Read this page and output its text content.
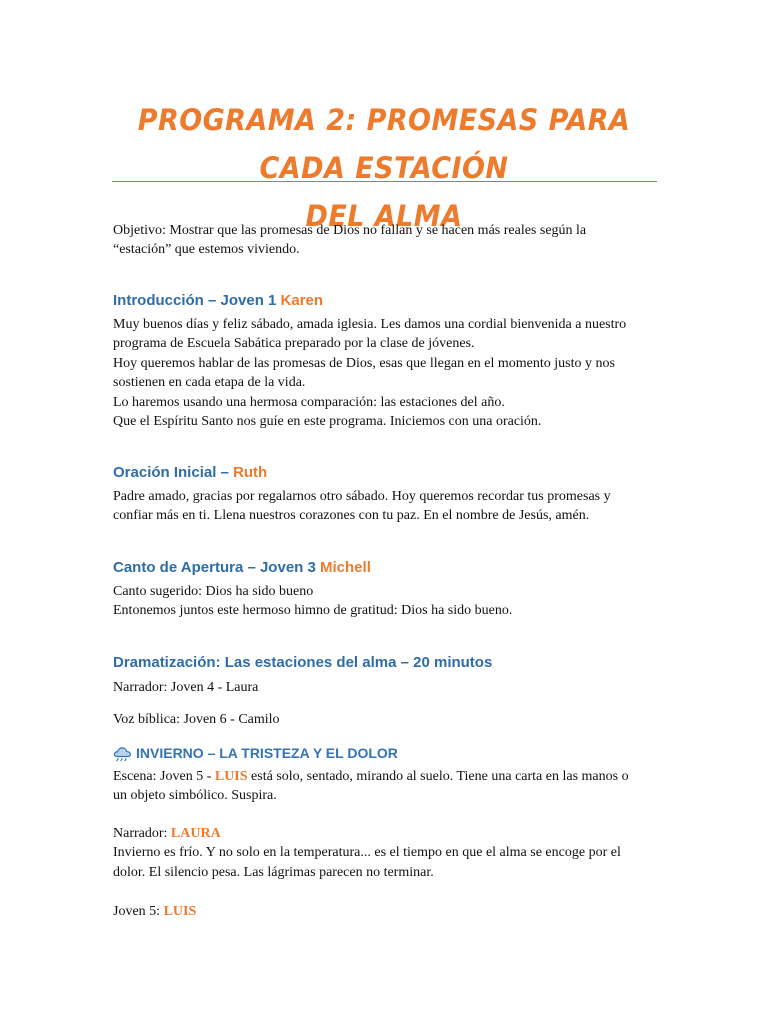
PROGRAMA 2: PROMESAS PARA CADA ESTACIÓN
DEL ALMA

Objetivo: Mostrar que las promesas de Dios no fallan y se hacen más reales según la

“estación” que estemos viviendo.

Introducción – Joven 1 Karen

Muy buenos días y feliz sábado, amada iglesia. Les damos una cordial bienvenida a nuestro

programa de Escuela Sabática preparado por la clase de jóvenes.

Hoy queremos hablar de las promesas de Dios, esas que llegan en el momento justo y nos

sostienen en cada etapa de la vida.

Lo haremos usando una hermosa comparación: las estaciones del año.

Que el Espíritu Santo nos guíe en este programa. Iniciemos con una oración.

Oración Inicial – Ruth

Padre amado, gracias por regalarnos otro sábado. Hoy queremos recordar tus promesas y

confiar más en ti. Llena nuestros corazones con tu paz. En el nombre de Jesús, amén.

Canto de Apertura – Joven 3 Michell

Canto sugerido: Dios ha sido bueno

Entonemos juntos este hermoso himno de gratitud: Dios ha sido bueno.

Dramatización: Las estaciones del alma – 20 minutos

Narrador: Joven 4 - Laura

Voz bíblica: Joven 6 - Camilo

INVIERNO – LA TRISTEZA Y EL DOLOR

Escena: Joven 5 - LUIS está solo, sentado, mirando al suelo. Tiene una carta en las manos o

un objeto simbólico. Suspira.

Narrador: LAURA

Invierno es frío. Y no solo en la temperatura... es el tiempo en que el alma se encoge por el

dolor. El silencio pesa. Las lágrimas parecen no terminar.

Joven 5: LUIS
